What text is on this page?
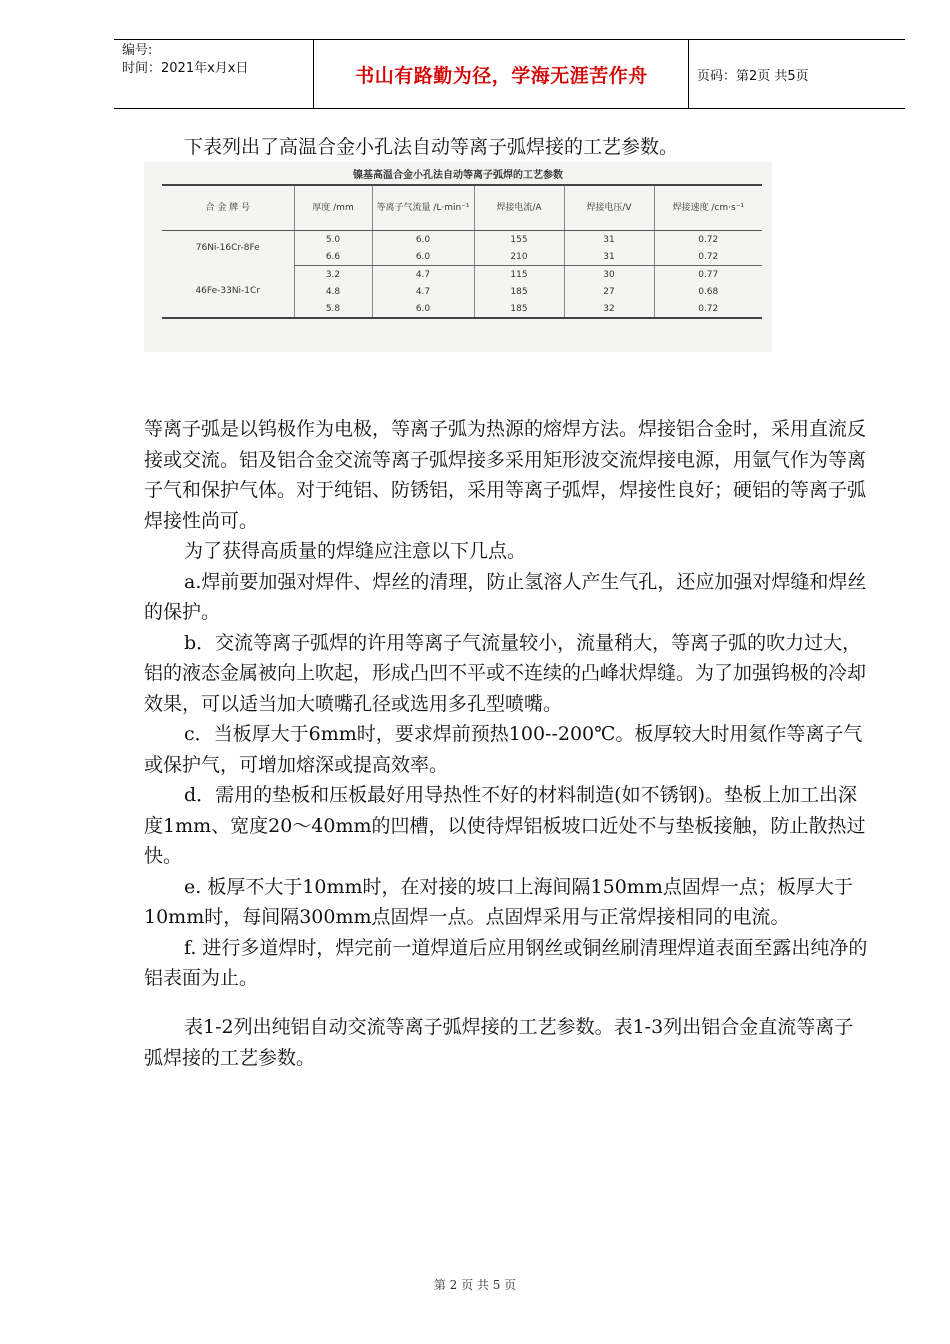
编号:
时间：2021年x月x日	书山有路勤为径，学海无涯苦作舟	页码：第2页 共5页

下表列出了高温合金小孔法自动等离子弧焊接的工艺参数。

镍基高温合金小孔法自动等离子弧焊的工艺参数
合 金 牌 号	厚度 /mm	等离子气流量 /L·min⁻¹	焊接电流/A	焊接电压/V	焊接速度 /cm·s⁻¹
76Ni-16Cr-8Fe	5.0	6.0	155	31	0.72
	6.6	6.0	210	31	0.72
46Fe-33Ni-1Cr	3.2	4.7	115	30	0.77
	4.8	4.7	185	27	0.68
	5.8	6.0	185	32	0.72

等离子弧是以钨极作为电极，等离子弧为热源的熔焊方法。焊接铝合金时，采用直流反接或交流。铝及铝合金交流等离子弧焊接多采用矩形波交流焊接电源，用氩气作为等离子气和保护气体。对于纯铝、防锈铝，采用等离子弧焊，焊接性良好；硬铝的等离子弧焊接性尚可。

为了获得高质量的焊缝应注意以下几点。

a.焊前要加强对焊件、焊丝的清理，防止氢溶人产生气孔，还应加强对焊缝和焊丝的保护。

b．交流等离子弧焊的许用等离子气流量较小，流量稍大，等离子弧的吹力过大，铝的液态金属被向上吹起，形成凸凹不平或不连续的凸峰状焊缝。为了加强钨极的冷却效果，可以适当加大喷嘴孔径或选用多孔型喷嘴。

c．当板厚大于6mm时，要求焊前预热100--200℃。板厚较大时用氦作等离子气或保护气，可增加熔深或提高效率。

d．需用的垫板和压板最好用导热性不好的材料制造(如不锈钢)。垫板上加工出深度1mm、宽度20～40mm的凹槽，以使待焊铝板坡口近处不与垫板接触，防止散热过快。

e. 板厚不大于10mm时，在对接的坡口上海间隔150mm点固焊一点；板厚大于10mm时，每间隔300mm点固焊一点。点固焊采用与正常焊接相同的电流。

f. 进行多道焊时，焊完前一道焊道后应用钢丝或铜丝刷清理焊道表面至露出纯净的铝表面为止。

表1-2列出纯铝自动交流等离子弧焊接的工艺参数。表1-3列出铝合金直流等离子弧焊接的工艺参数。

第 2 页 共 5 页
